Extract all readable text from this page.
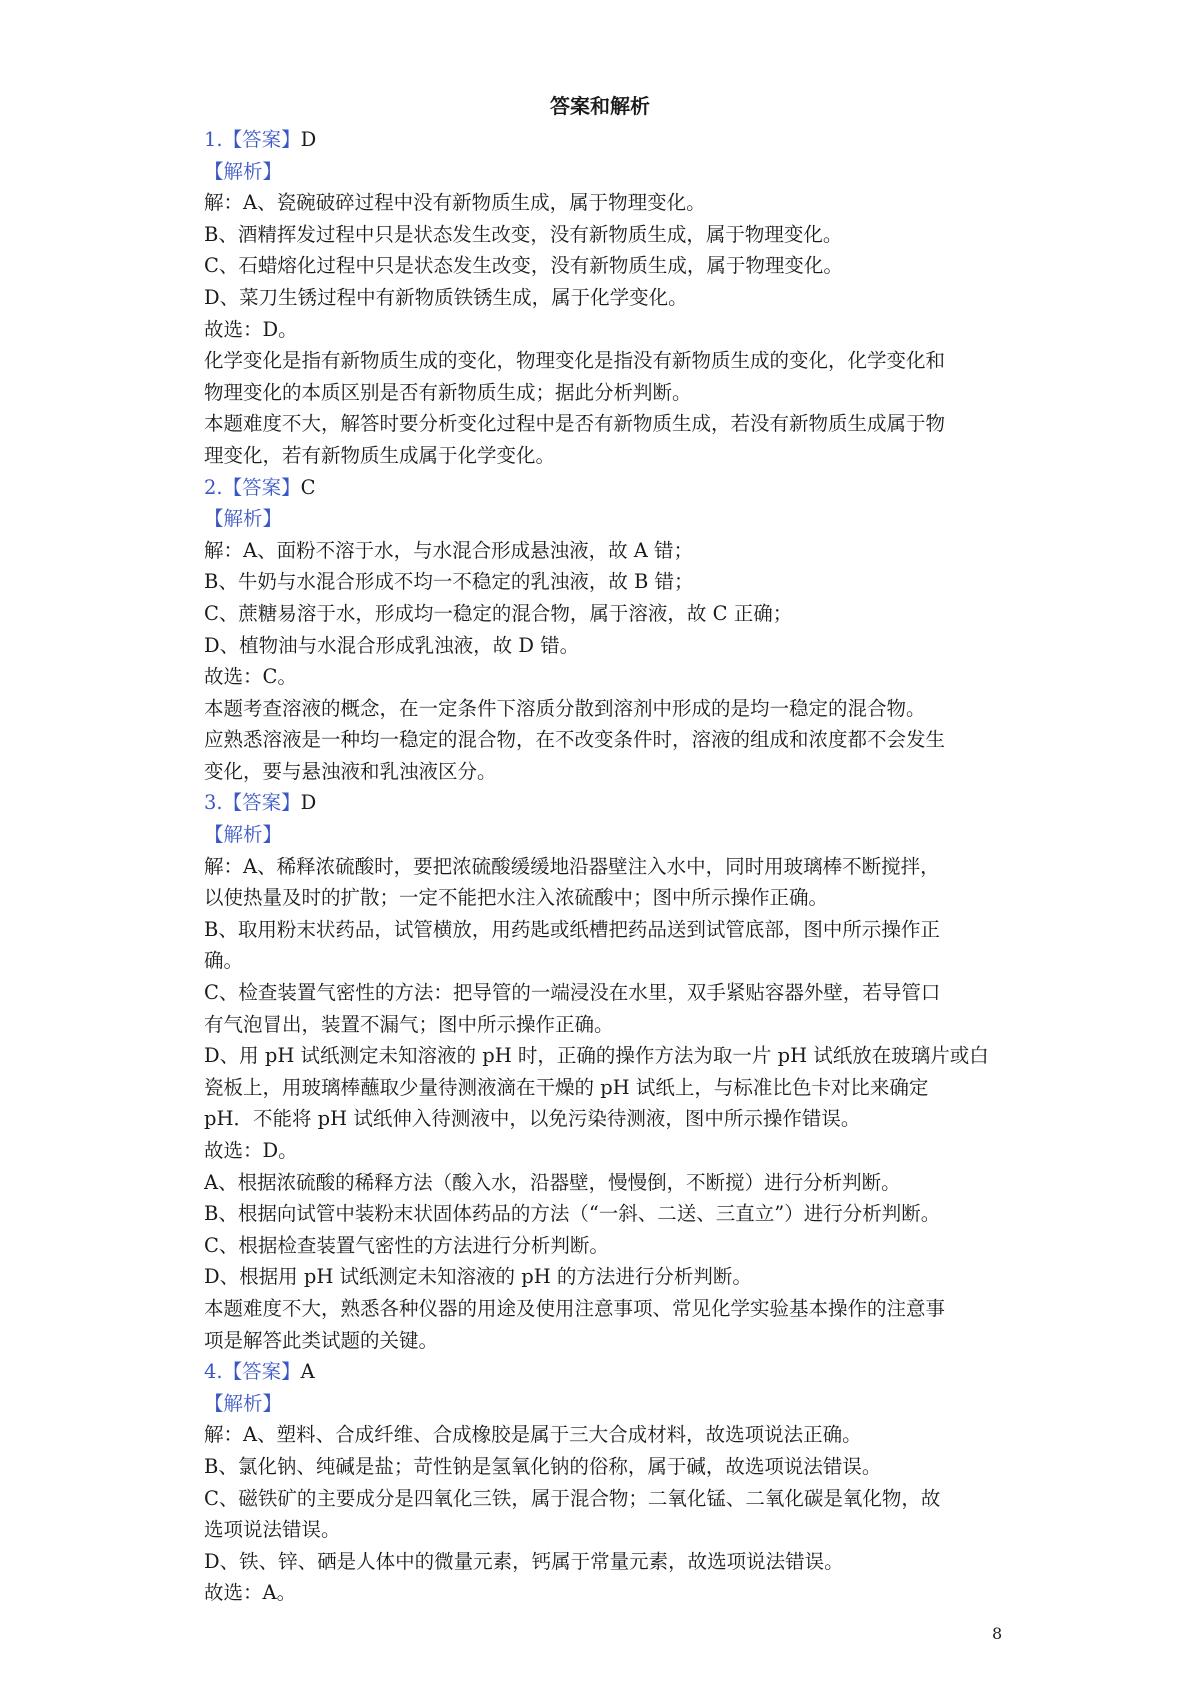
答案和解析
1.【答案】D
【解析】
解：A、瓷碗破碎过程中没有新物质生成，属于物理变化。
B、酒精挥发过程中只是状态发生改变，没有新物质生成，属于物理变化。
C、石蜡熔化过程中只是状态发生改变，没有新物质生成，属于物理变化。
D、菜刀生锈过程中有新物质铁锈生成，属于化学变化。
故选：D。
化学变化是指有新物质生成的变化，物理变化是指没有新物质生成的变化，化学变化和
物理变化的本质区别是否有新物质生成；据此分析判断。
本题难度不大，解答时要分析变化过程中是否有新物质生成，若没有新物质生成属于物
理变化，若有新物质生成属于化学变化。
2.【答案】C
【解析】
解：A、面粉不溶于水，与水混合形成悬浊液，故 A 错；
B、牛奶与水混合形成不均一不稳定的乳浊液，故 B 错；
C、蔗糖易溶于水，形成均一稳定的混合物，属于溶液，故 C 正确；
D、植物油与水混合形成乳浊液，故 D 错。
故选：C。
本题考查溶液的概念，在一定条件下溶质分散到溶剂中形成的是均一稳定的混合物。
应熟悉溶液是一种均一稳定的混合物，在不改变条件时，溶液的组成和浓度都不会发生
变化，要与悬浊液和乳浊液区分。
3.【答案】D
【解析】
解：A、稀释浓硫酸时，要把浓硫酸缓缓地沿器壁注入水中，同时用玻璃棒不断搅拌，
以使热量及时的扩散；一定不能把水注入浓硫酸中；图中所示操作正确。
B、取用粉末状药品，试管横放，用药匙或纸槽把药品送到试管底部，图中所示操作正
确。
C、检查装置气密性的方法：把导管的一端浸没在水里，双手紧贴容器外壁，若导管口
有气泡冒出，装置不漏气；图中所示操作正确。
D、用 pH 试纸测定未知溶液的 pH 时，正确的操作方法为取一片 pH 试纸放在玻璃片或白
瓷板上，用玻璃棒蘸取少量待测液滴在干燥的 pH 试纸上，与标准比色卡对比来确定
pH．不能将 pH 试纸伸入待测液中，以免污染待测液，图中所示操作错误。
故选：D。
A、根据浓硫酸的稀释方法（酸入水，沿器壁，慢慢倒，不断搅）进行分析判断。
B、根据向试管中装粉末状固体药品的方法（“一斜、二送、三直立”）进行分析判断。
C、根据检查装置气密性的方法进行分析判断。
D、根据用 pH 试纸测定未知溶液的 pH 的方法进行分析判断。
本题难度不大，熟悉各种仪器的用途及使用注意事项、常见化学实验基本操作的注意事
项是解答此类试题的关键。
4.【答案】A
【解析】
解：A、塑料、合成纤维、合成橡胶是属于三大合成材料，故选项说法正确。
B、氯化钠、纯碱是盐；苛性钠是氢氧化钠的俗称，属于碱，故选项说法错误。
C、磁铁矿的主要成分是四氧化三铁，属于混合物；二氧化锰、二氧化碳是氧化物，故
选项说法错误。
D、铁、锌、硒是人体中的微量元素，钙属于常量元素，故选项说法错误。
故选：A。
8
